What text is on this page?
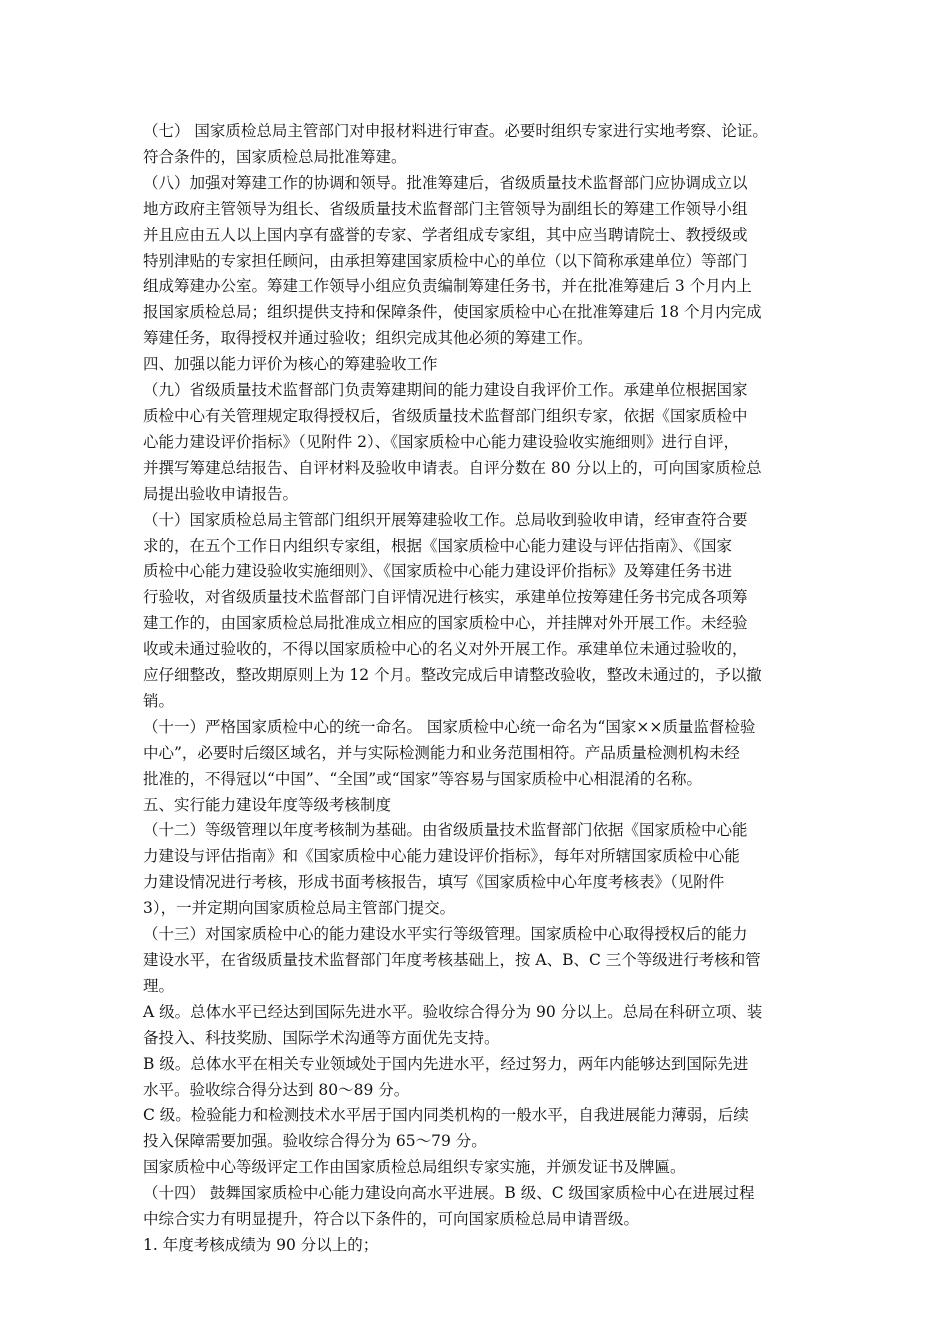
（七） 国家质检总局主管部门对申报材料进行审查。必要时组织专家进行实地考察、论证。
符合条件的，国家质检总局批准筹建。

（八）加强对筹建工作的协调和领导。批准筹建后，省级质量技术监督部门应协调成立以
地方政府主管领导为组长、省级质量技术监督部门主管领导为副组长的筹建工作领导小组
并且应由五人以上国内享有盛誉的专家、学者组成专家组，其中应当聘请院士、教授级或
特别津贴的专家担任顾问，由承担筹建国家质检中心的单位（以下简称承建单位）等部门
组成筹建办公室。筹建工作领导小组应负责编制筹建任务书，并在批准筹建后 3 个月内上
报国家质检总局；组织提供支持和保障条件，使国家质检中心在批准筹建后 18 个月内完成
筹建任务，取得授权并通过验收；组织完成其他必须的筹建工作。

四、加强以能力评价为核心的筹建验收工作

（九）省级质量技术监督部门负责筹建期间的能力建设自我评价工作。承建单位根据国家
质检中心有关管理规定取得授权后，省级质量技术监督部门组织专家，依据《国家质检中
心能力建设评价指标》（见附件 2）、《国家质检中心能力建设验收实施细则》进行自评，
并撰写筹建总结报告、自评材料及验收申请表。自评分数在 80 分以上的，可向国家质检总
局提出验收申请报告。

（十）国家质检总局主管部门组织开展筹建验收工作。总局收到验收申请，经审查符合要
求的，在五个工作日内组织专家组，根据《国家质检中心能力建设与评估指南》、《国家
质检中心能力建设验收实施细则》、《国家质检中心能力建设评价指标》及筹建任务书进
行验收，对省级质量技术监督部门自评情况进行核实，承建单位按筹建任务书完成各项筹
建工作的，由国家质检总局批准成立相应的国家质检中心，并挂牌对外开展工作。未经验
收或未通过验收的，不得以国家质检中心的名义对外开展工作。承建单位未通过验收的，
应仔细整改，整改期原则上为 12 个月。整改完成后申请整改验收，整改未通过的，予以撤
销。

（十一）严格国家质检中心的统一命名。 国家质检中心统一命名为“国家××质量监督检验
中心”，必要时后缀区域名，并与实际检测能力和业务范围相符。产品质量检测机构未经
批准的，不得冠以“中国”、“全国”或“国家”等容易与国家质检中心相混淆的名称。

五、实行能力建设年度等级考核制度

（十二）等级管理以年度考核制为基础。由省级质量技术监督部门依据《国家质检中心能
力建设与评估指南》和《国家质检中心能力建设评价指标》，每年对所辖国家质检中心能
力建设情况进行考核，形成书面考核报告，填写《国家质检中心年度考核表》（见附件
3），一并定期向国家质检总局主管部门提交。

（十三）对国家质检中心的能力建设水平实行等级管理。国家质检中心取得授权后的能力
建设水平，在省级质量技术监督部门年度考核基础上，按 A、B、C 三个等级进行考核和管
理。

A 级。总体水平已经达到国际先进水平。验收综合得分为 90 分以上。总局在科研立项、装
备投入、科技奖励、国际学术沟通等方面优先支持。

B 级。总体水平在相关专业领域处于国内先进水平，经过努力，两年内能够达到国际先进
水平。验收综合得分达到 80～89 分。

C 级。检验能力和检测技术水平居于国内同类机构的一般水平，自我进展能力薄弱，后续
投入保障需要加强。验收综合得分为 65～79 分。

国家质检中心等级评定工作由国家质检总局组织专家实施，并颁发证书及牌匾。

（十四） 鼓舞国家质检中心能力建设向高水平进展。B 级、C 级国家质检中心在进展过程
中综合实力有明显提升，符合以下条件的，可向国家质检总局申请晋级。

1. 年度考核成绩为 90 分以上的；
